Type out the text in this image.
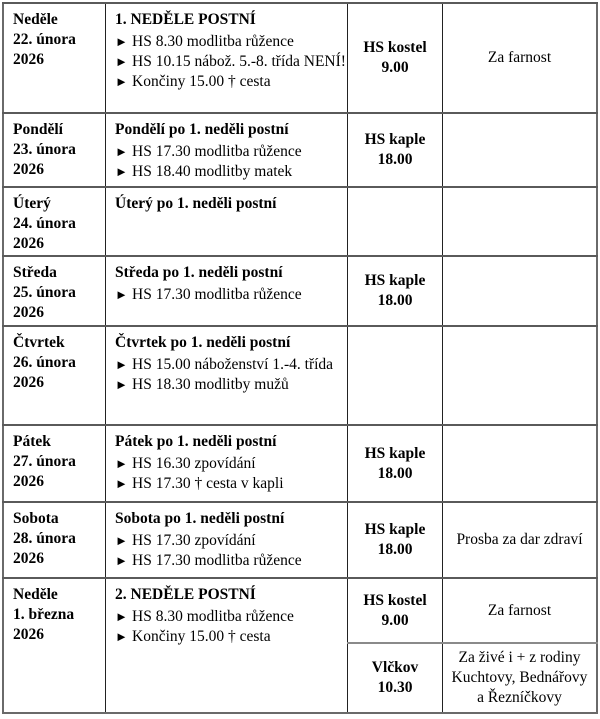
Neděle
22. února
2026	1. NEDĚLE POSTNÍ
► HS 8.30 modlitba růžence
► HS 10.15 nábož. 5.-8. třída NENÍ!
► Končiny 15.00 † cesta	HS kostel
9.00	Za farnost

Pondělí
23. února
2026	Pondělí po 1. neděli postní
► HS 17.30 modlitba růžence
► HS 18.40 modlitby matek	HS kaple
18.00	

Úterý
24. února
2026	Úterý po 1. neděli postní		

Středa
25. února
2026	Středa po 1. neděli postní
► HS 17.30 modlitba růžence	HS kaple
18.00	

Čtvrtek
26. února
2026	Čtvrtek po 1. neděli postní
► HS 15.00 náboženství 1.-4. třída
► HS 18.30 modlitby mužů		

Pátek
27. února
2026	Pátek po 1. neděli postní
► HS 16.30 zpovídání
► HS 17.30 † cesta v kapli	HS kaple
18.00	

Sobota
28. února
2026	Sobota po 1. neděli postní
► HS 17.30 zpovídání
► HS 17.30 modlitba růžence	HS kaple
18.00	Prosba za dar zdraví

Neděle
1. března
2026	2. NEDĚLE POSTNÍ
► HS 8.30 modlitba růžence
► Končiny 15.00 † cesta	HS kostel
9.00	Za farnost

		Vlčkov
10.30	Za živé i + z rodiny
Kuchtovy, Bednářovy
a Řezníčkovy
